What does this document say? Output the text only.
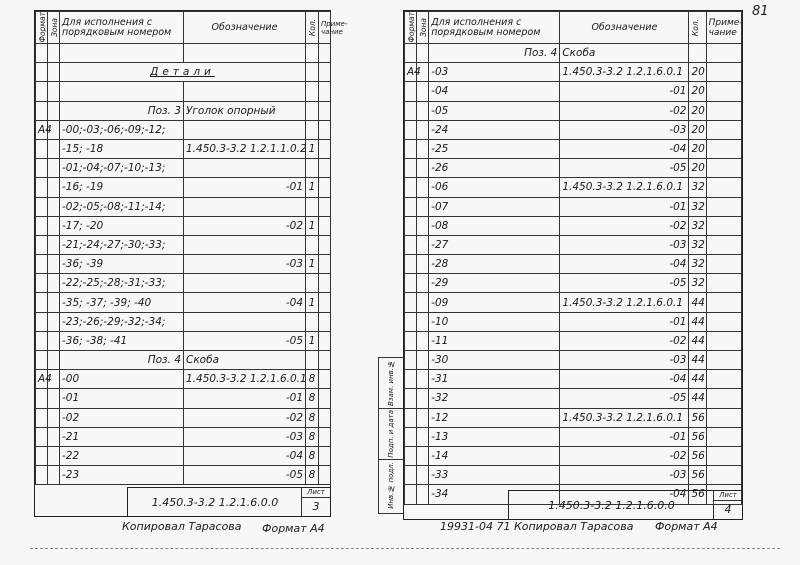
81
Формат	Зона	Для исполнения с порядковым номером	Обозначение	Кол.	Приме-чание

		Детали			

		Поз. 3	Уголок опорный		
А4		-00;-03;-06;-09;-12;			
		-15; -18	1.450.3-3.2 1.2.1.1.0.2	1	
		-01;-04;-07;-10;-13;			
		-16; -19	-01	1	
		-02;-05;-08;-11;-14;			
		-17; -20	-02	1	
		-21;-24;-27;-30;-33;			
		-36; -39	-03	1	
		-22;-25;-28;-31;-33;			
		-35; -37; -39; -40	-04	1	
		-23;-26;-29;-32;-34;			
		-36; -38; -41	-05	1	
		Поз. 4	Скоба		
А4		-00	1.450.3-3.2 1.2.1.6.0.1	8	
		-01	-01	8	
		-02	-02	8	
		-21	-03	8	
		-22	-04	8	
		-23	-05	8	
1.450.3-3.2 1.2.1.6.0.0
Лист
3
Копировал Тарасова Формат А4
Взам. инв.№
Подп. и дата
Инв.№ подл.
Формат	Зона	Для исполнения с порядковым номером	Обозначение	Кол.	Приме-чание
		Поз. 4	Скоба		
А4		-03	1.450.3-3.2 1.2.1.6.0.1	20	
		-04	-01	20	
		-05	-02	20	
		-24	-03	20	
		-25	-04	20	
		-26	-05	20	
		-06	1.450.3-3.2 1.2.1.6.0.1	32	
		-07	-01	32	
		-08	-02	32	
		-27	-03	32	
		-28	-04	32	
		-29	-05	32	
		-09	1.450.3-3.2 1.2.1.6.0.1	44	
		-10	-01	44	
		-11	-02	44	
		-30	-03	44	
		-31	-04	44	
		-32	-05	44	
		-12	1.450.3-3.2 1.2.1.6.0.1	56	
		-13	-01	56	
		-14	-02	56	
		-33	-03	56	
		-34	-04	56	
1.450.3-3.2 1.2.1.6.0.0
Лист
4
19931-04 71 Копировал Тарасова Формат А4
